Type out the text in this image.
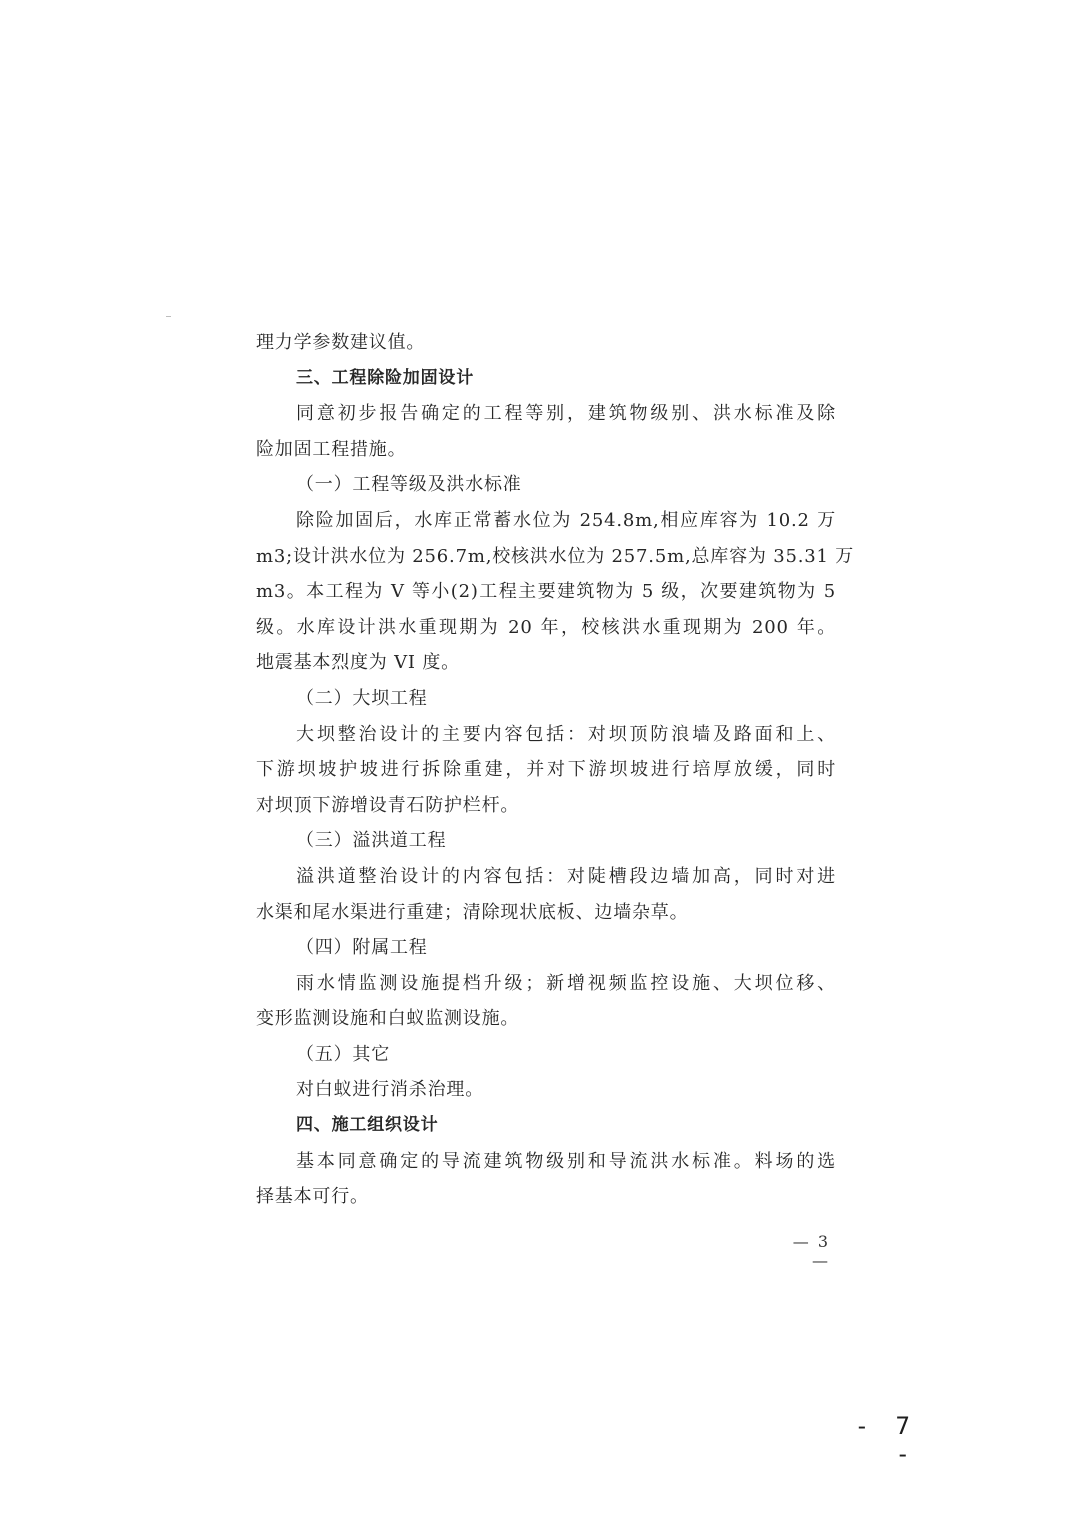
理力学参数建议值。
三、工程除险加固设计
同意初步报告确定的工程等别，建筑物级别、洪水标准及除
险加固工程措施。
（一）工程等级及洪水标准
除险加固后，水库正常蓄水位为 254.8m,相应库容为 10.2 万
m3;设计洪水位为 256.7m,校核洪水位为 257.5m,总库容为 35.31 万
m3。本工程为 V 等小(2)工程主要建筑物为 5 级，次要建筑物为 5
级。水库设计洪水重现期为 20 年，校核洪水重现期为 200 年。
地震基本烈度为 VI 度。
（二）大坝工程
大坝整治设计的主要内容包括：对坝顶防浪墙及路面和上、
下游坝坡护坡进行拆除重建，并对下游坝坡进行培厚放缓，同时
对坝顶下游增设青石防护栏杆。
（三）溢洪道工程
溢洪道整治设计的内容包括：对陡槽段边墙加高，同时对进
水渠和尾水渠进行重建；清除现状底板、边墙杂草。
（四）附属工程
雨水情监测设施提档升级；新增视频监控设施、大坝位移、
变形监测设施和白蚁监测设施。
（五）其它
对白蚁进行消杀治理。
四、施工组织设计
基本同意确定的导流建筑物级别和导流洪水标准。料场的选
择基本可行。
— 3 —
- 7 -
